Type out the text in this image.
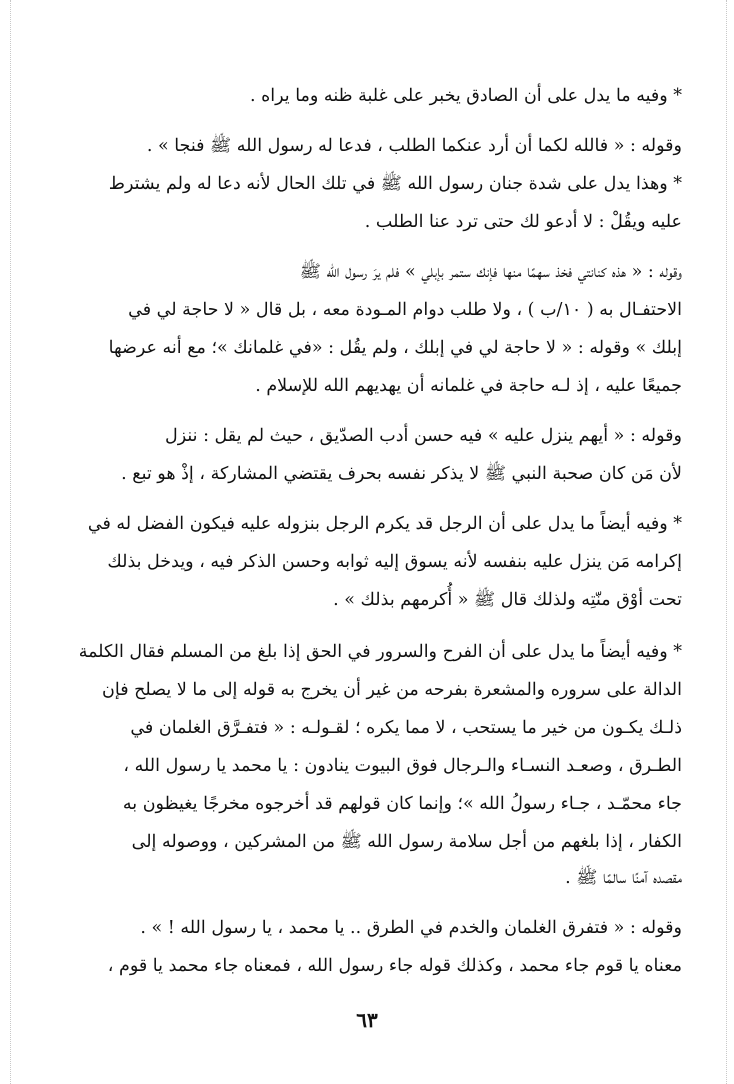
* وفيه ما يدل على أن الصادق يخبر على غلبة ظنه وما يراه .
وقوله : « فالله لكما أن أرد عنكما الطلب ، فدعا له رسول الله ﷺ فنجا » .
* وهذا يدل على شدة جنان رسول الله ﷺ في تلك الحال لأنه دعا له ولم يشترط
عليه ويقُلْ : لا أدعو لك حتى ترد عنا الطلب .
وقوله : « هذه كنانتي فخذ سهمًا منها فإنك ستمر بإبلي » فلم يرَ رسول الله ﷺ
الاحتفـال به ( ١٠/ب ) ، ولا طلب دوام المـودة معه ، بل قال « لا حاجة لي في
إبلك » وقوله : « لا حاجة لي في إبلك ، ولم يقُل : «في غلمانك »؛ مع أنه عرضها
جميعًا عليه ، إذ لـه حاجة في غلمانه أن يهديهم الله للإسلام .
وقوله : « أيهم ينزل عليه » فيه حسن أدب الصدّيق ، حيث لم يقل : ننزل
لأن مَن كان صحبة النبي ﷺ لا يذكر نفسه بحرف يقتضي المشاركة ، إذْ هو تبع .
* وفيه أيضاً ما يدل على أن الرجل قد يكرم الرجل بنزوله عليه فيكون الفضل له في
إكرامه مَن ينزل عليه بنفسه لأنه يسوق إليه ثوابه وحسن الذكر فيه ، ويدخل بذلك
تحت أوْق منّتِه ولذلك قال ﷺ « أُكرمهم بذلك » .
* وفيه أيضاً ما يدل على أن الفرح والسرور في الحق إذا بلغ من المسلم فقال الكلمة
الدالة على سروره والمشعرة بفرحه من غير أن يخرج به قوله إلى ما لا يصلح فإن
ذلـك يكـون من خير ما يستحب ، لا مما يكره ؛ لقـولـه : « فتفـرَّق الغلمان في
الطـرق ، وصعـد النسـاء والـرجال فوق البيوت ينادون : يا محمد يا رسول الله ،
جاء محمّـد ، جـاء رسولُ الله »؛ وإنما كان قولهم قد أخرجوه مخرجًا يغيظون به
الكفار ، إذا بلغهم من أجل سلامة رسول الله ﷺ من المشركين ، ووصوله إلى
مقصده آمنًا سالمًا ﷺ .
وقوله : « فتفرق الغلمان والخدم في الطرق .. يا محمد ، يا رسول الله ! » .
معناه يا قوم جاء محمد ، وكذلك قوله جاء رسول الله ، فمعناه جاء محمد يا قوم ،
٦٣
